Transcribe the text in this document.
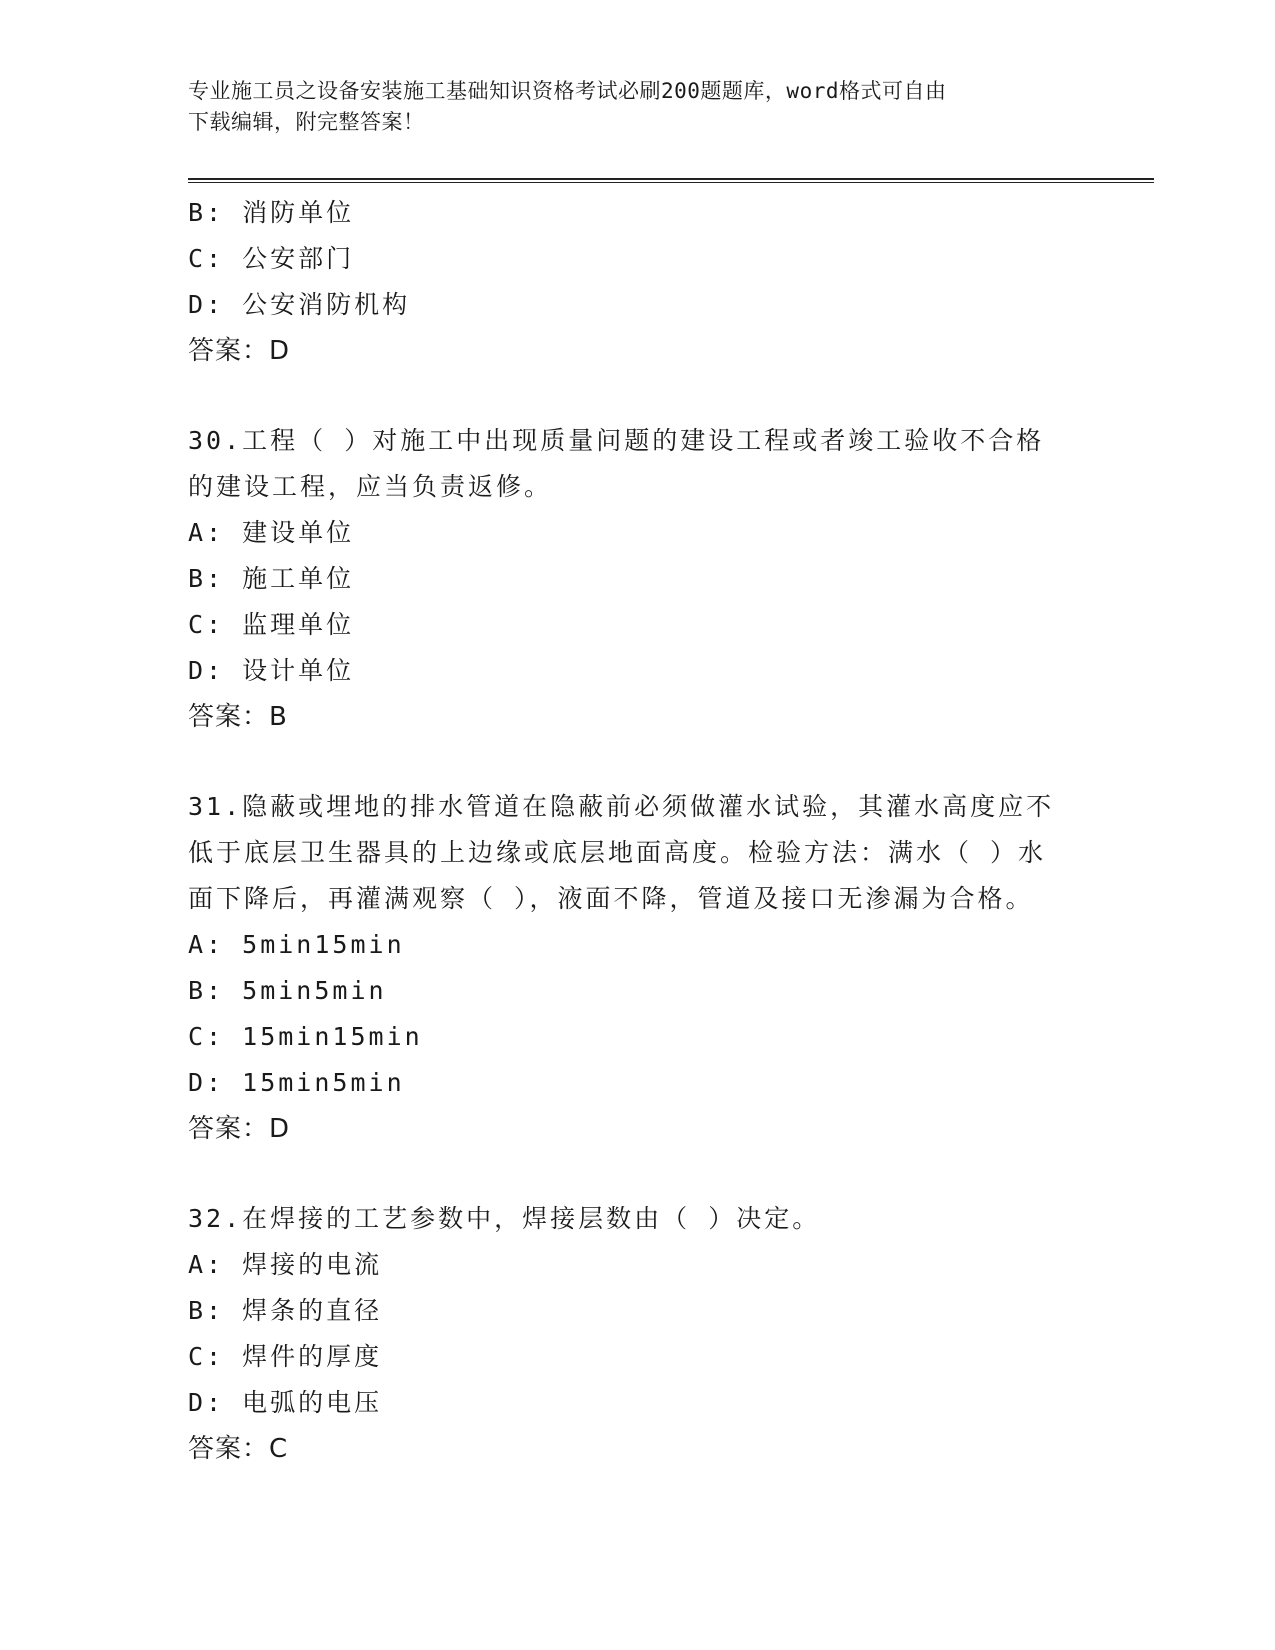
专业施工员之设备安装施工基础知识资格考试必刷200题题库，word格式可自由
下载编辑，附完整答案！
B: 消防单位
C: 公安部门
D: 公安消防机构
答案：D
30.工程（ ）对施工中出现质量问题的建设工程或者竣工验收不合格
的建设工程，应当负责返修。
A: 建设单位
B: 施工单位
C: 监理单位
D: 设计单位
答案：B
31.隐蔽或埋地的排水管道在隐蔽前必须做灌水试验，其灌水高度应不
低于底层卫生器具的上边缘或底层地面高度。检验方法：满水（ ）水
面下降后，再灌满观察（ ），液面不降，管道及接口无渗漏为合格。
A: 5min15min
B: 5min5min
C: 15min15min
D: 15min5min
答案：D
32.在焊接的工艺参数中，焊接层数由（ ）决定。
A: 焊接的电流
B: 焊条的直径
C: 焊件的厚度
D: 电弧的电压
答案：C
